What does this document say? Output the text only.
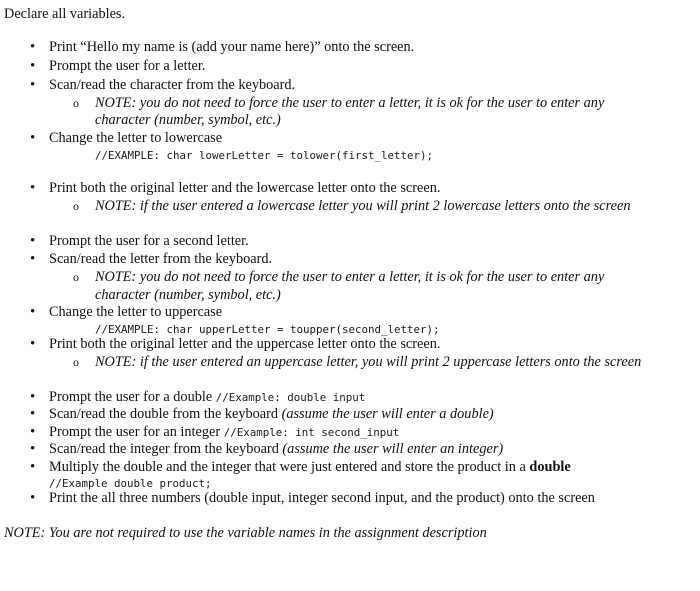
Declare all variables.
• Print “Hello my name is (add your name here)” onto the screen.
• Prompt the user for a letter.
• Scan/read the character from the keyboard.
o NOTE: you do not need to force the user to enter a letter, it is ok for the user to enter any
character (number, symbol, etc.)
• Change the letter to lowercase
//EXAMPLE: char lowerLetter = tolower(first_letter);
• Print both the original letter and the lowercase letter onto the screen.
o NOTE: if the user entered a lowercase letter you will print 2 lowercase letters onto the screen
• Prompt the user for a second letter.
• Scan/read the letter from the keyboard.
o NOTE: you do not need to force the user to enter a letter, it is ok for the user to enter any
character (number, symbol, etc.)
• Change the letter to uppercase
//EXAMPLE: char upperLetter = toupper(second_letter);
• Print both the original letter and the uppercase letter onto the screen.
o NOTE: if the user entered an uppercase letter, you will print 2 uppercase letters onto the screen
• Prompt the user for a double //Example: double input
• Scan/read the double from the keyboard (assume the user will enter a double)
• Prompt the user for an integer //Example: int second_input
• Scan/read the integer from the keyboard (assume the user will enter an integer)
• Multiply the double and the integer that were just entered and store the product in a double
//Example double product;
• Print the all three numbers (double input, integer second input, and the product) onto the screen
NOTE: You are not required to use the variable names in the assignment description
